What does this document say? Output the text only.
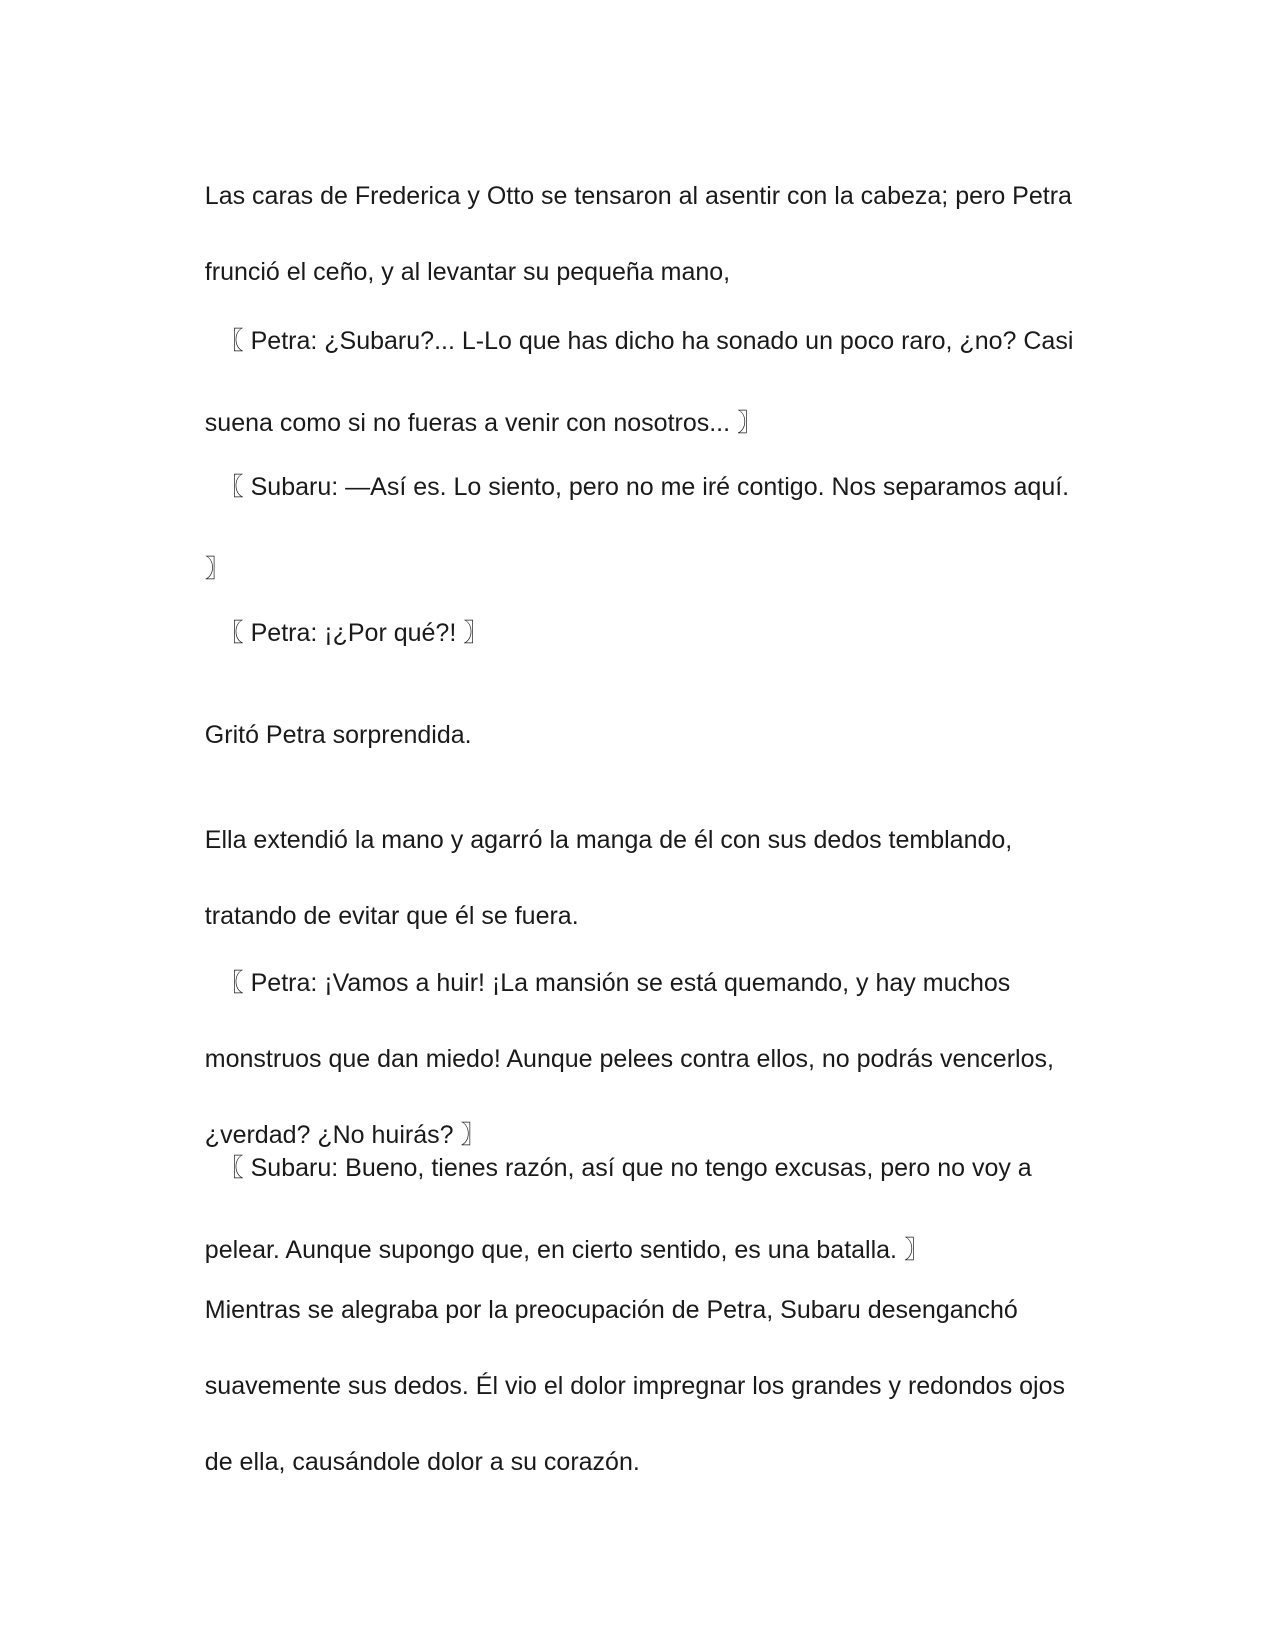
Las caras de Frederica y Otto se tensaron al asentir con la cabeza; pero Petra

frunció el ceño, y al levantar su pequeña mano,

〖 Petra: ¿Subaru?... L-Lo que has dicho ha sonado un poco raro, ¿no? Casi

suena como si no fueras a venir con nosotros... 〗

〖 Subaru: —Así es. Lo siento, pero no me iré contigo. Nos separamos aquí.

〗

〖 Petra: ¡¿Por qué?! 〗

Gritó Petra sorprendida.

Ella extendió la mano y agarró la manga de él con sus dedos temblando,

tratando de evitar que él se fuera.

〖 Petra: ¡Vamos a huir! ¡La mansión se está quemando, y hay muchos

monstruos que dan miedo! Aunque pelees contra ellos, no podrás vencerlos,

¿verdad? ¿No huirás? 〗

〖 Subaru: Bueno, tienes razón, así que no tengo excusas, pero no voy a

pelear. Aunque supongo que, en cierto sentido, es una batalla. 〗

Mientras se alegraba por la preocupación de Petra, Subaru desenganchó

suavemente sus dedos. Él vio el dolor impregnar los grandes y redondos ojos

de ella, causándole dolor a su corazón.
